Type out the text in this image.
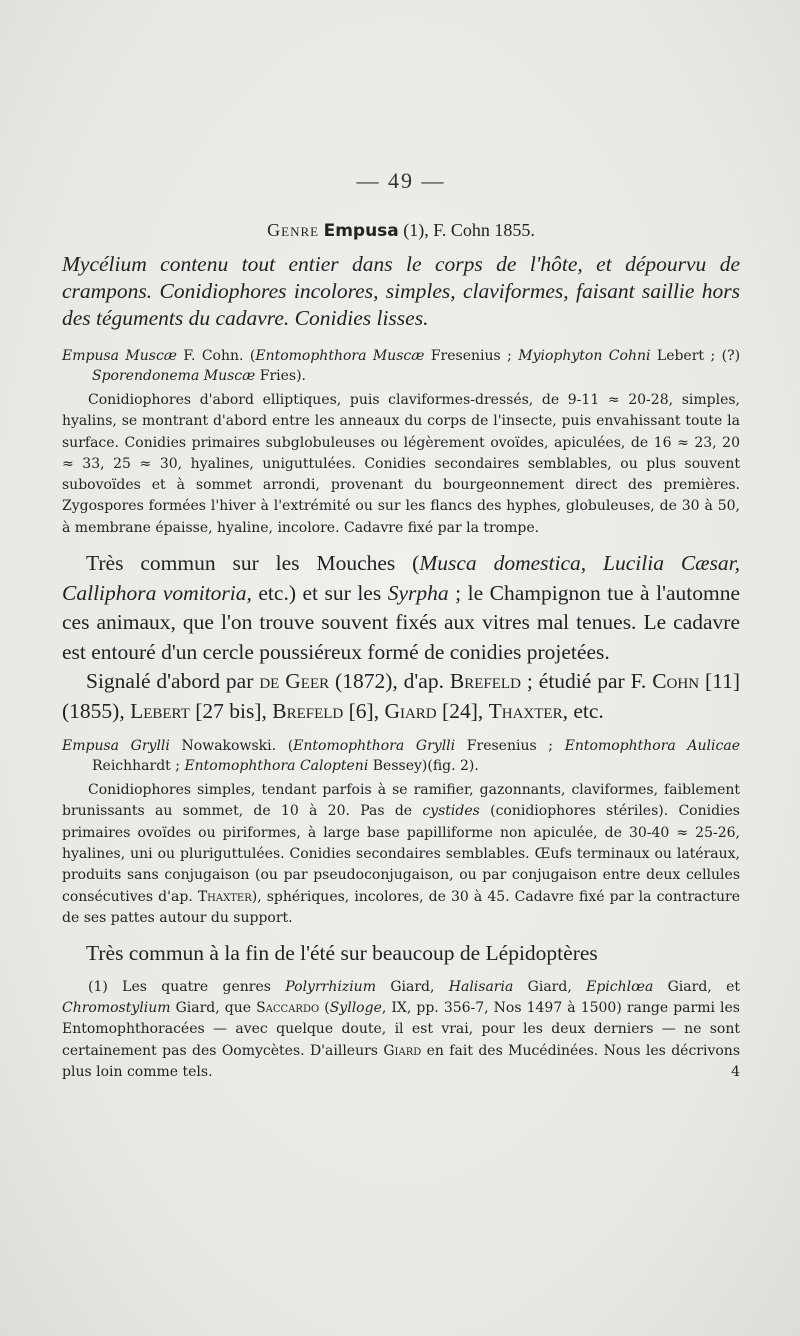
— 49 —
Genre Empusa (1), F. Cohn 1855.

Mycélium contenu tout entier dans le corps de l'hôte, et dépourvu de crampons. Conidiophores incolores, simples, claviformes, faisant saillie hors des téguments du cadavre. Conidies lisses.

Empusa Muscæ F. Cohn. (Entomophthora Muscæ Fresenius ; Myiophyton Cohni Lebert ; (?) Sporendonema Muscæ Fries).

Conidiophores d'abord elliptiques, puis claviformes-dressés, de 9-11 ≈ 20-28, simples, hyalins, se montrant d'abord entre les anneaux du corps de l'insecte, puis envahissant toute la surface. Conidies primaires subglobuleuses ou légèrement ovoïdes, apiculées, de 16 ≈ 23, 20 ≈ 33, 25 ≈ 30, hyalines, uniguttulées. Conidies secondaires semblables, ou plus souvent subovoïdes et à sommet arrondi, provenant du bourgeonnement direct des premières. Zygospores formées l'hiver à l'extrémité ou sur les flancs des hyphes, globuleuses, de 30 à 50, à membrane épaisse, hyaline, incolore. Cadavre fixé par la trompe.

Très commun sur les Mouches (Musca domestica, Lucilia Cæsar, Calliphora vomitoria, etc.) et sur les Syrpha ; le Champignon tue à l'automne ces animaux, que l'on trouve souvent fixés aux vitres mal tenues. Le cadavre est entouré d'un cercle poussiéreux formé de conidies projetées.

Signalé d'abord par de Geer (1872), d'ap. Brefeld ; étudié par F. Cohn [11] (1855), Lebert [27 bis], Brefeld [6], Giard [24], Thaxter, etc.

Empusa Grylli Nowakowski. (Entomophthora Grylli Fresenius ; Entomophthora Aulicae Reichhardt ; Entomophthora Calopteni Bessey)(fig. 2).

Conidiophores simples, tendant parfois à se ramifier, gazonnants, claviformes, faiblement brunissants au sommet, de 10 à 20. Pas de cystides (conidiophores stériles). Conidies primaires ovoïdes ou piriformes, à large base papilliforme non apiculée, de 30-40 ≈ 25-26, hyalines, uni ou pluriguttulées. Conidies secondaires semblables. Œufs terminaux ou latéraux, produits sans conjugaison (ou par pseudoconjugaison, ou par conjugaison entre deux cellules consécutives d'ap. Thaxter), sphériques, incolores, de 30 à 45. Cadavre fixé par la contracture de ses pattes autour du support.

Très commun à la fin de l'été sur beaucoup de Lépidoptères

(1) Les quatre genres Polyrrhizium Giard, Halisaria Giard, Epichlœa Giard, et Chromostylium Giard, que Saccardo (Sylloge, IX, pp. 356-7, Nos 1497 à 1500) range parmi les Entomophthoracées — avec quelque doute, il est vrai, pour les deux derniers — ne sont certainement pas des Oomycètes. D'ailleurs Giard en fait des Mucédinées. Nous les décrivons plus loin comme tels.	4
